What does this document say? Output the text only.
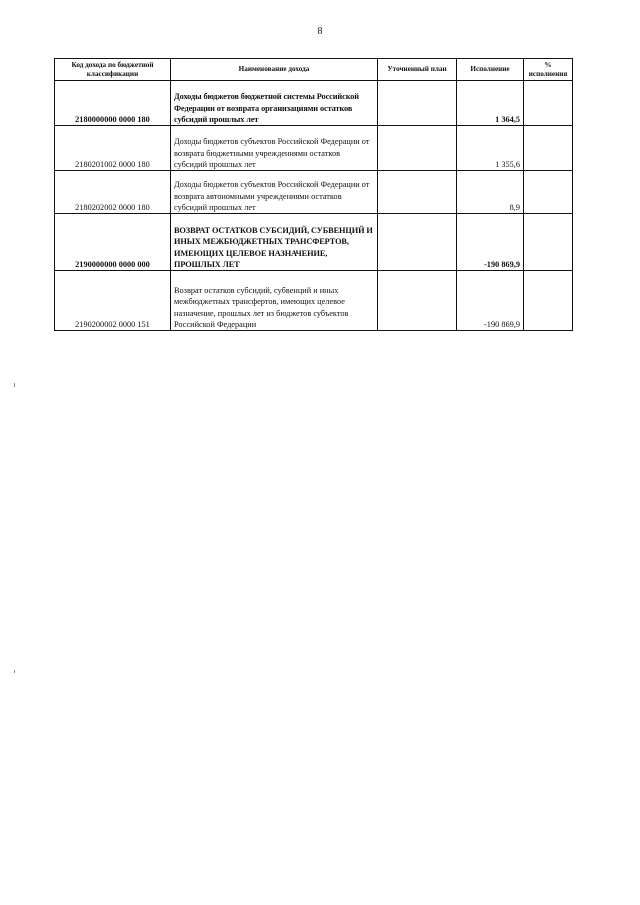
8
Код дохода по бюджетной классификации	Наименование дохода	Уточненный план	Исполнение	% исполнения
2180000000 0000 180	Доходы бюджетов бюджетной системы Российской Федерации от возврата организациями остатков субсидий прошлых лет		1 364,5	
2180201002 0000 180	Доходы бюджетов субъектов Российской Федерации от возврата бюджетными учреждениями остатков субсидий прошлых лет		1 355,6	
2180202002 0000 180	Доходы бюджетов субъектов Российской Федерации от возврата автономными учреждениями остатков субсидий прошлых лет		8,9	
2190000000 0000 000	ВОЗВРАТ ОСТАТКОВ СУБСИДИЙ, СУБВЕНЦИЙ И ИНЫХ МЕЖБЮДЖЕТНЫХ ТРАНСФЕРТОВ, ИМЕЮЩИХ ЦЕЛЕВОЕ НАЗНАЧЕНИЕ, ПРОШЛЫХ ЛЕТ		-190 869,9	
2190200002 0000 151	Возврат остатков субсидий, субвенций и иных межбюджетных трансфертов, имеющих целевое назначение, прошлых лет из бюджетов субъектов Российской Федерации		-190 869,9	
